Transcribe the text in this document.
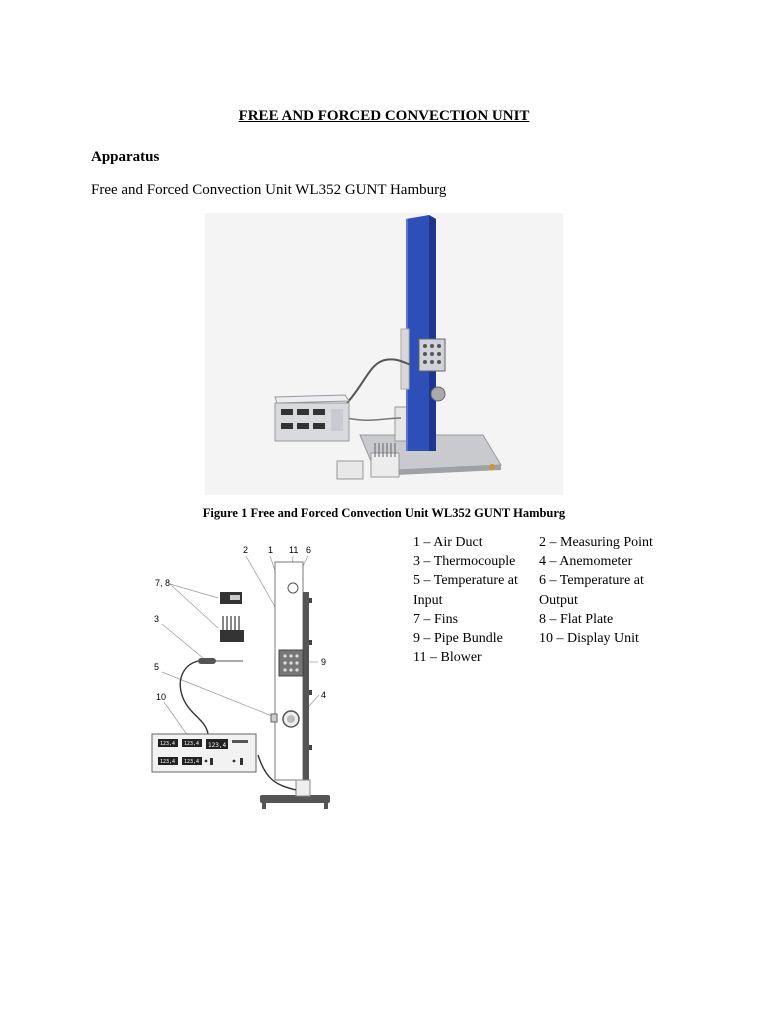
FREE AND FORCED CONVECTION UNIT
Apparatus
Free and Forced Convection Unit WL352 GUNT Hamburg
Figure 1 Free and Forced Convection Unit WL352 GUNT Hamburg
2 1 11 6
7, 8
3
5
10
9
4
123,4 123,4 123,4
123,4 123,4
1 – Air Duct	2 – Measuring Point
3 – Thermocouple	4 – Anemometer
5 – Temperature at	6 – Temperature at
Input	Output
7 – Fins	8 – Flat Plate
9 – Pipe Bundle	10 – Display Unit
11 – Blower
